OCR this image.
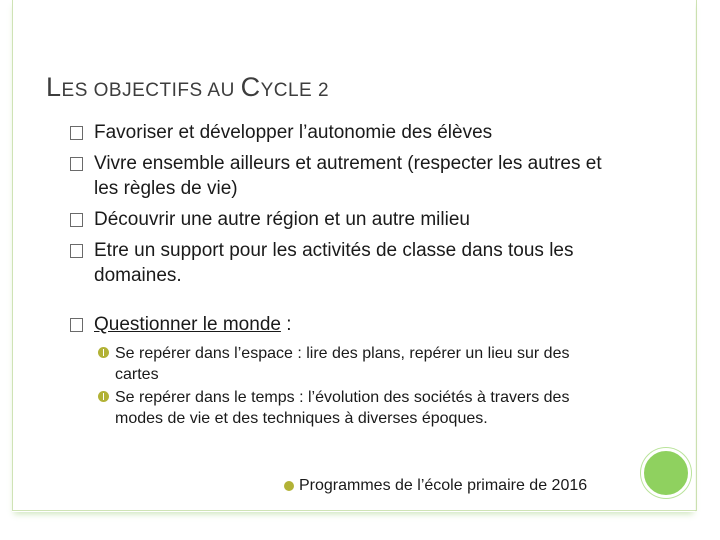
LES OBJECTIFS AU CYCLE 2
Favoriser et développer l’autonomie des élèves
Vivre ensemble ailleurs et autrement (respecter les autres et les règles de vie)
Découvrir une autre région et un autre milieu
Etre un support pour les activités de classe dans tous les domaines.
Questionner le monde :
Se repérer dans l’espace : lire des plans, repérer un lieu sur des cartes
Se repérer dans le temps : l’évolution des sociétés à travers des modes de vie et des techniques à diverses époques.
Programmes de l’école primaire de 2016
